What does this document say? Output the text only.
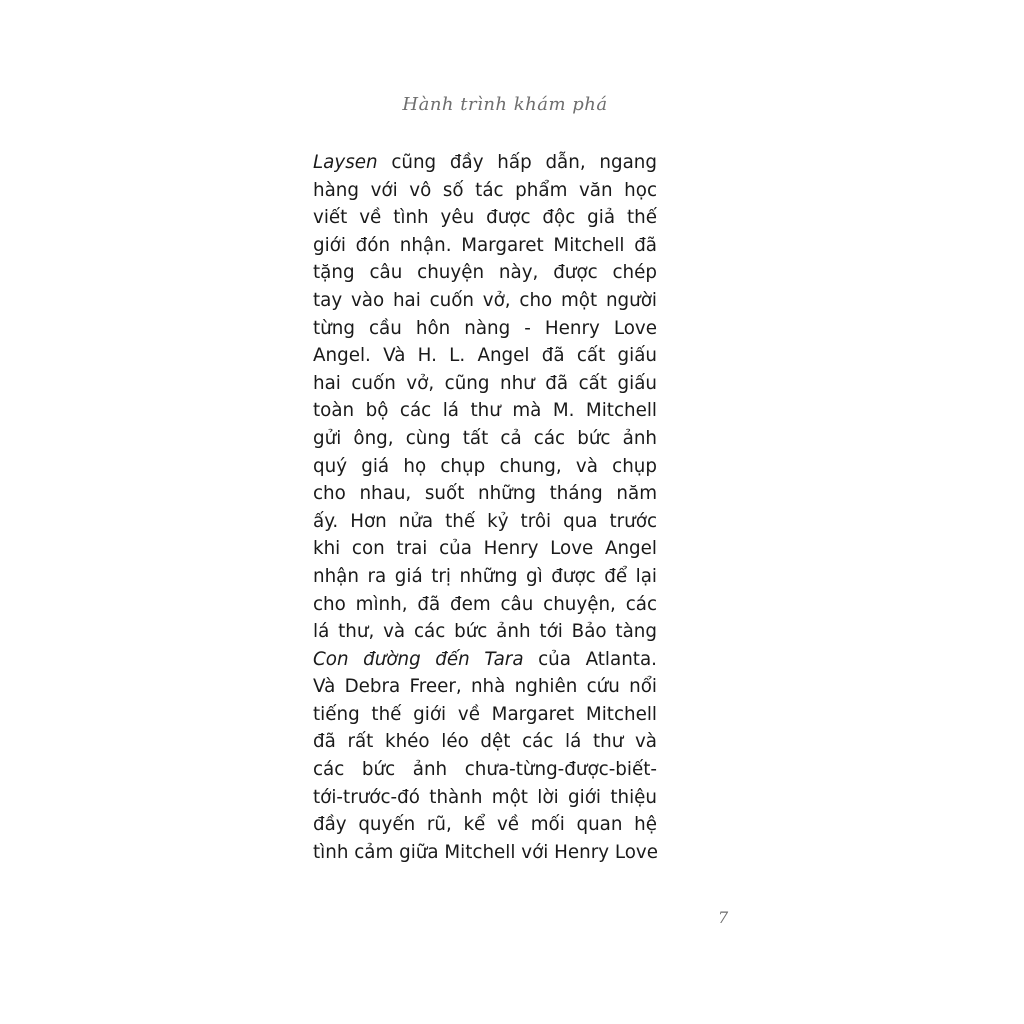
Hành trình khám phá
Laysen cũng đầy hấp dẫn, ngang
hàng với vô số tác phẩm văn học
viết về tình yêu được độc giả thế
giới đón nhận. Margaret Mitchell đã
tặng câu chuyện này, được chép
tay vào hai cuốn vở, cho một người
từng cầu hôn nàng - Henry Love
Angel. Và H. L. Angel đã cất giấu
hai cuốn vở, cũng như đã cất giấu
toàn bộ các lá thư mà M. Mitchell
gửi ông, cùng tất cả các bức ảnh
quý giá họ chụp chung, và chụp
cho nhau, suốt những tháng năm
ấy. Hơn nửa thế kỷ trôi qua trước
khi con trai của Henry Love Angel
nhận ra giá trị những gì được để lại
cho mình, đã đem câu chuyện, các
lá thư, và các bức ảnh tới Bảo tàng
Con đường đến Tara của Atlanta.
Và Debra Freer, nhà nghiên cứu nổi
tiếng thế giới về Margaret Mitchell
đã rất khéo léo dệt các lá thư và
các bức ảnh chưa-từng-được-biết-
tới-trước-đó thành một lời giới thiệu
đầy quyến rũ, kể về mối quan hệ
tình cảm giữa Mitchell với Henry Love
7
